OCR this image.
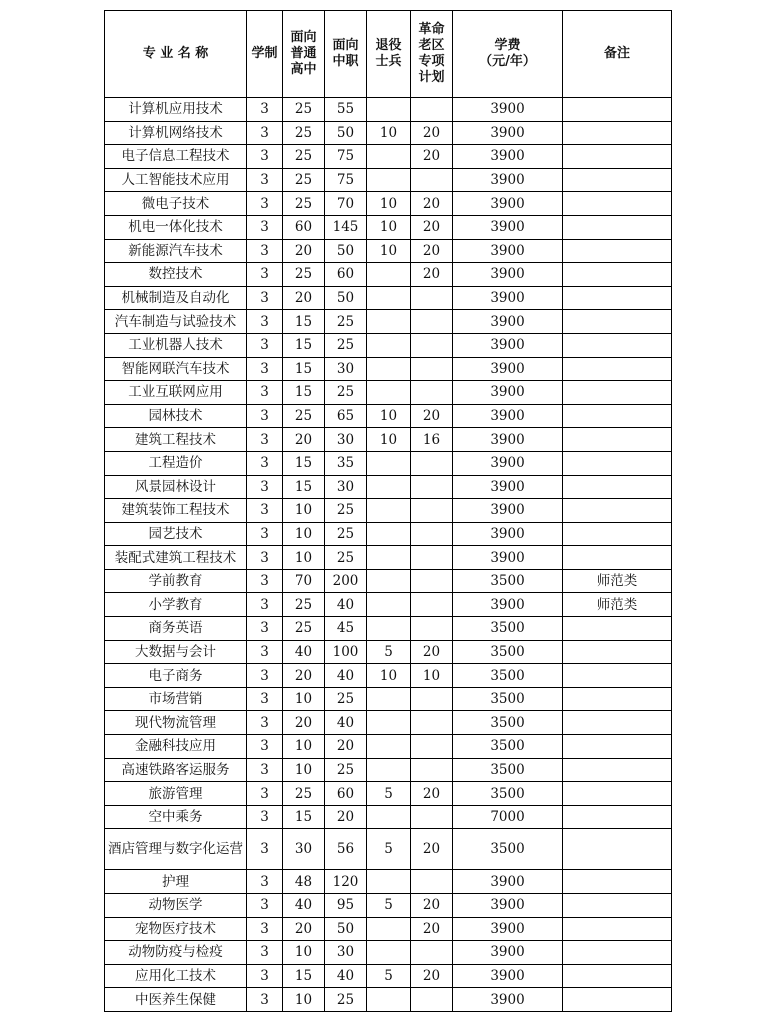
专 业 名 称	学制	面向
普通
高中	面向
中职	退役
士兵	革命
老区
专项
计划	学费
（元/年）	备注
计算机应用技术	3	25	55			3900	
计算机网络技术	3	25	50	10	20	3900	
电子信息工程技术	3	25	75		20	3900	
人工智能技术应用	3	25	75			3900	
微电子技术	3	25	70	10	20	3900	
机电一体化技术	3	60	145	10	20	3900	
新能源汽车技术	3	20	50	10	20	3900	
数控技术	3	25	60		20	3900	
机械制造及自动化	3	20	50			3900	
汽车制造与试验技术	3	15	25			3900	
工业机器人技术	3	15	25			3900	
智能网联汽车技术	3	15	30			3900	
工业互联网应用	3	15	25			3900	
园林技术	3	25	65	10	20	3900	
建筑工程技术	3	20	30	10	16	3900	
工程造价	3	15	35			3900	
风景园林设计	3	15	30			3900	
建筑装饰工程技术	3	10	25			3900	
园艺技术	3	10	25			3900	
装配式建筑工程技术	3	10	25			3900	
学前教育	3	70	200			3500	师范类
小学教育	3	25	40			3900	师范类
商务英语	3	25	45			3500	
大数据与会计	3	40	100	5	20	3500	
电子商务	3	20	40	10	10	3500	
市场营销	3	10	25			3500	
现代物流管理	3	20	40			3500	
金融科技应用	3	10	20			3500	
高速铁路客运服务	3	10	25			3500	
旅游管理	3	25	60	5	20	3500	
空中乘务	3	15	20			7000	
酒店管理与数字化运营	3	30	56	5	20	3500	
护理	3	48	120			3900	
动物医学	3	40	95	5	20	3900	
宠物医疗技术	3	20	50		20	3900	
动物防疫与检疫	3	10	30			3900	
应用化工技术	3	15	40	5	20	3900	
中医养生保健	3	10	25			3900	
